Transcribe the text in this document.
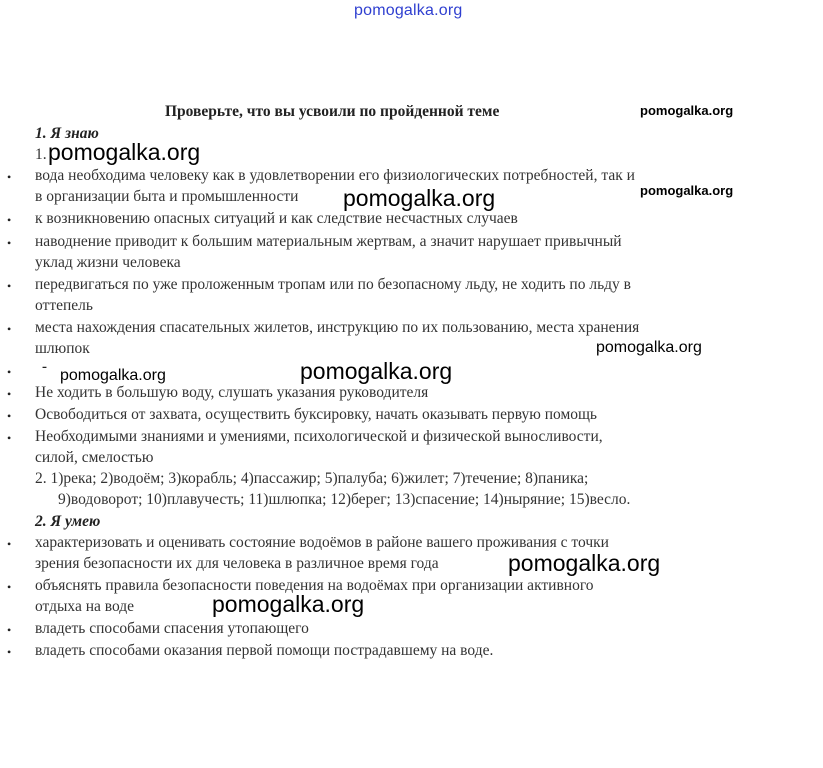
pomogalka.org
pomogalka.org
pomogalka.org
pomogalka.org	pomogalka.org
pomogalka.org
pomogalka.org
pomogalka.org
pomogalka.org
pomogalka.org
Проверьте, что вы усвоили по пройденной теме
1. Я знаю
1.
• вода необходима человеку как в удовлетворении его физиологических потребностей, так и
в организации быта и промышленности
• к возникновению опасных ситуаций и как следствие несчастных случаев
• наводнение приводит к большим материальным жертвам, а значит нарушает привычный
уклад жизни человека
• передвигаться по уже проложенным тропам или по безопасному льду, не ходить по льду в
оттепель
• места нахождения спасательных жилетов, инструкцию по их пользованию, места хранения
шлюпок
• -
• Не ходить в большую воду, слушать указания руководителя
• Освободиться от захвата, осуществить буксировку, начать оказывать первую помощь
• Необходимыми знаниями и умениями, психологической и физической выносливости,
силой, смелостью
2. 1)река; 2)водоём; 3)корабль; 4)пассажир; 5)палуба; 6)жилет; 7)течение; 8)паника;
9)водоворот; 10)плавучесть; 11)шлюпка; 12)берег; 13)спасение; 14)ныряние; 15)весло.
2. Я умею
• характеризовать и оценивать состояние водоёмов в районе вашего проживания с точки
зрения безопасности их для человека в различное время года
• объяснять правила безопасности поведения на водоёмах при организации активного
отдыха на воде
• владеть способами спасения утопающего
• владеть способами оказания первой помощи пострадавшему на воде.
